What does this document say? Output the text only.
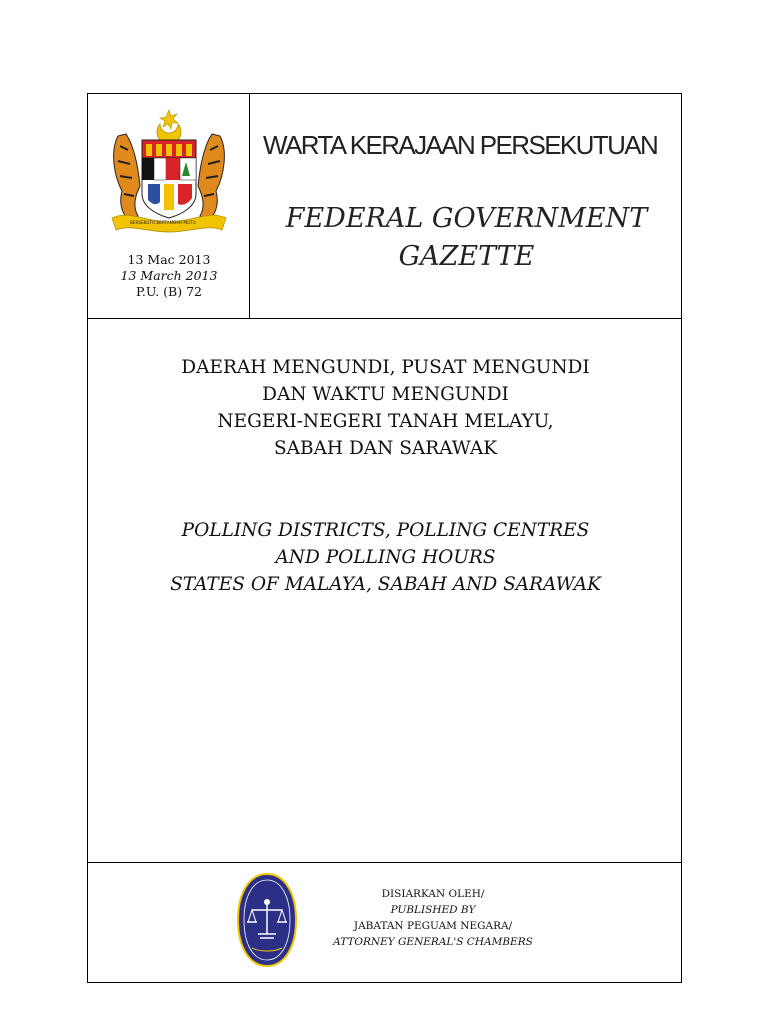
BERSEKUTU BERTAMBAH MUTU
13 Mac 2013
13 March 2013
P.U. (B) 72
WARTA KERAJAAN PERSEKUTUAN
FEDERAL GOVERNMENT
GAZETTE
DAERAH MENGUNDI, PUSAT MENGUNDI
DAN WAKTU MENGUNDI
NEGERI-NEGERI TANAH MELAYU,
SABAH DAN SARAWAK
POLLING DISTRICTS, POLLING CENTRES
AND POLLING HOURS
STATES OF MALAYA, SABAH AND SARAWAK
DISIARKAN OLEH/
PUBLISHED BY
JABATAN PEGUAM NEGARA/
ATTORNEY GENERAL'S CHAMBERS
